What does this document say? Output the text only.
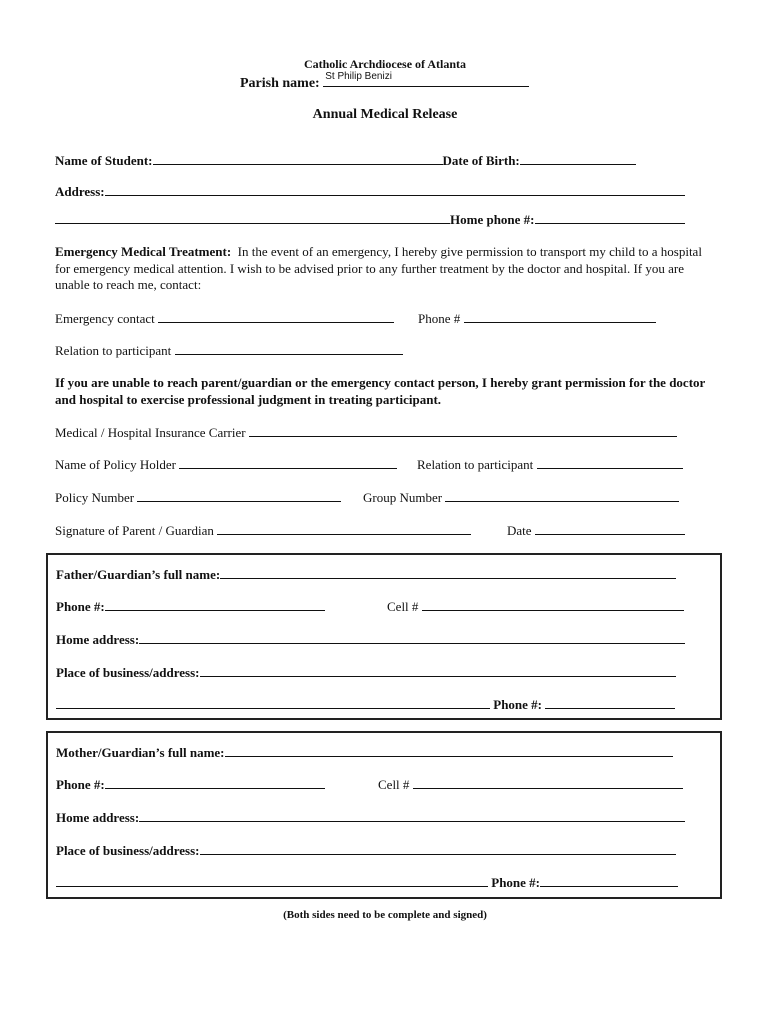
Catholic Archdiocese of Atlanta
Parish name: St Philip Benizi
Annual Medical Release
Name of Student:	Date of Birth:
Address:
Home phone #:
Emergency Medical Treatment: In the event of an emergency, I hereby give permission to transport my child to a hospital for emergency medical attention. I wish to be advised prior to any further treatment by the doctor and hospital. If you are unable to reach me, contact:
Emergency contact	Phone #
Relation to participant
If you are unable to reach parent/guardian or the emergency contact person, I hereby grant permission for the doctor and hospital to exercise professional judgment in treating participant.
Medical / Hospital Insurance Carrier
Name of Policy Holder	Relation to participant
Policy Number	Group Number
Signature of Parent / Guardian	Date
Father/Guardian’s full name:
Phone #:	Cell #
Home address:
Place of business/address:
Phone #:
Mother/Guardian’s full name:
Phone #:	Cell #
Home address:
Place of business/address:
Phone #:
(Both sides need to be complete and signed)
